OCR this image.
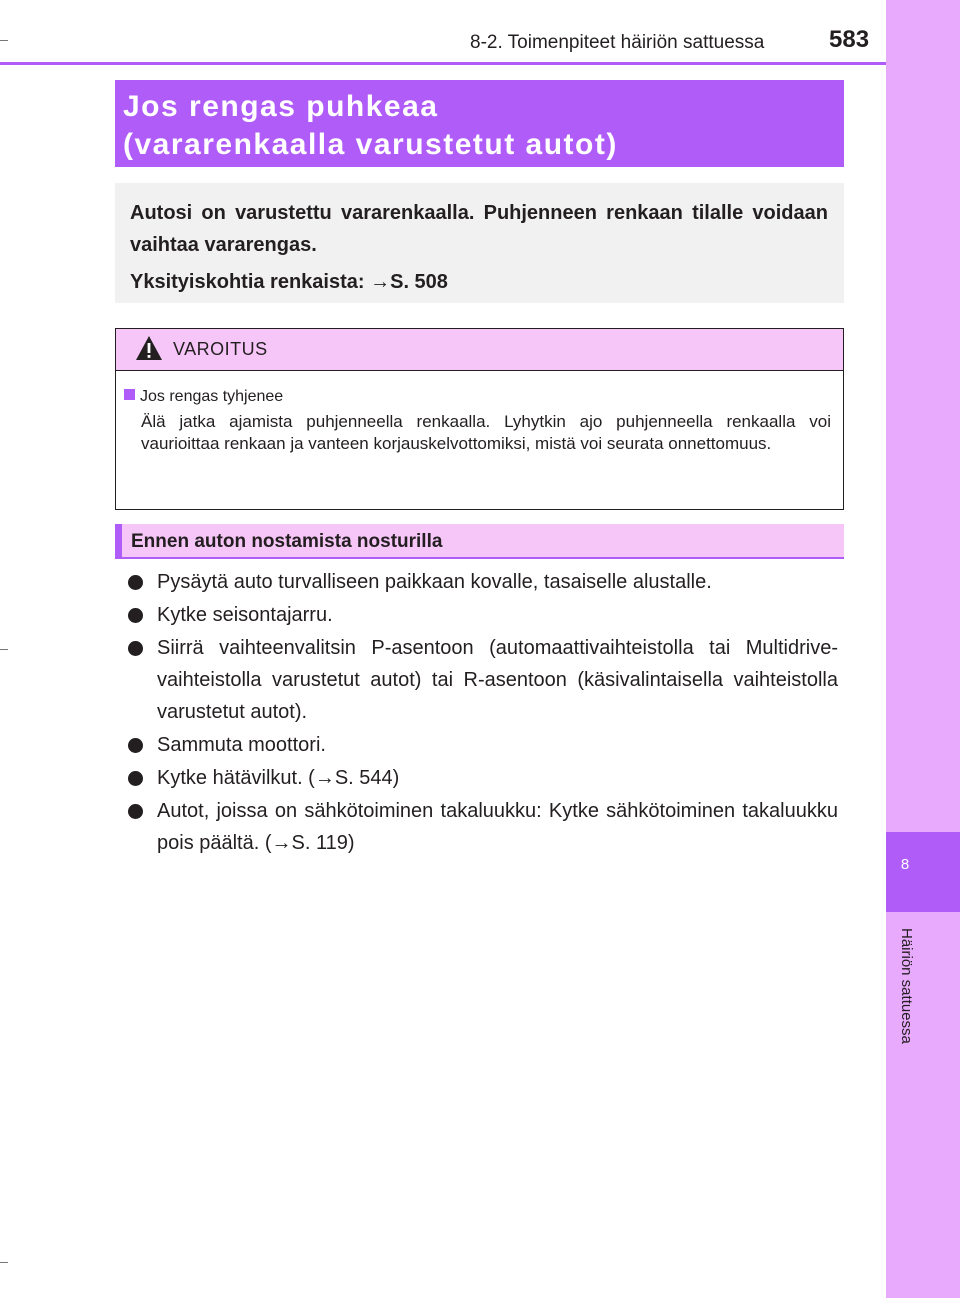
8
Häiriön sattuessa
8-2. Toimenpiteet häiriön sattuessa	583
Jos rengas puhkeaa
(vararenkaalla varustetut autot)

Autosi on varustettu vararenkaalla. Puhjenneen renkaan tilalle voidaan vaihtaa vararengas.

Yksityiskohtia renkaista: →S. 508

VAROITUS
Jos rengas tyhjenee

Älä jatka ajamista puhjenneella renkaalla. Lyhytkin ajo puhjenneella renkaalla voi vaurioittaa renkaan ja vanteen korjauskelvottomiksi, mistä voi seurata onnettomuus.

Ennen auton nostamista nosturilla
Pysäytä auto turvalliseen paikkaan kovalle, tasaiselle alustalle.
Kytke seisontajarru.
Siirrä vaihteenvalitsin P-asentoon (automaattivaihteistolla tai Multidrive-vaihteistolla varustetut autot) tai R-asentoon (käsivalintaisella vaihteistolla varustetut autot).
Sammuta moottori.
Kytke hätävilkut. (→S. 544)
Autot, joissa on sähkötoiminen takaluukku: Kytke sähkötoiminen takaluukku pois päältä. (→S. 119)
